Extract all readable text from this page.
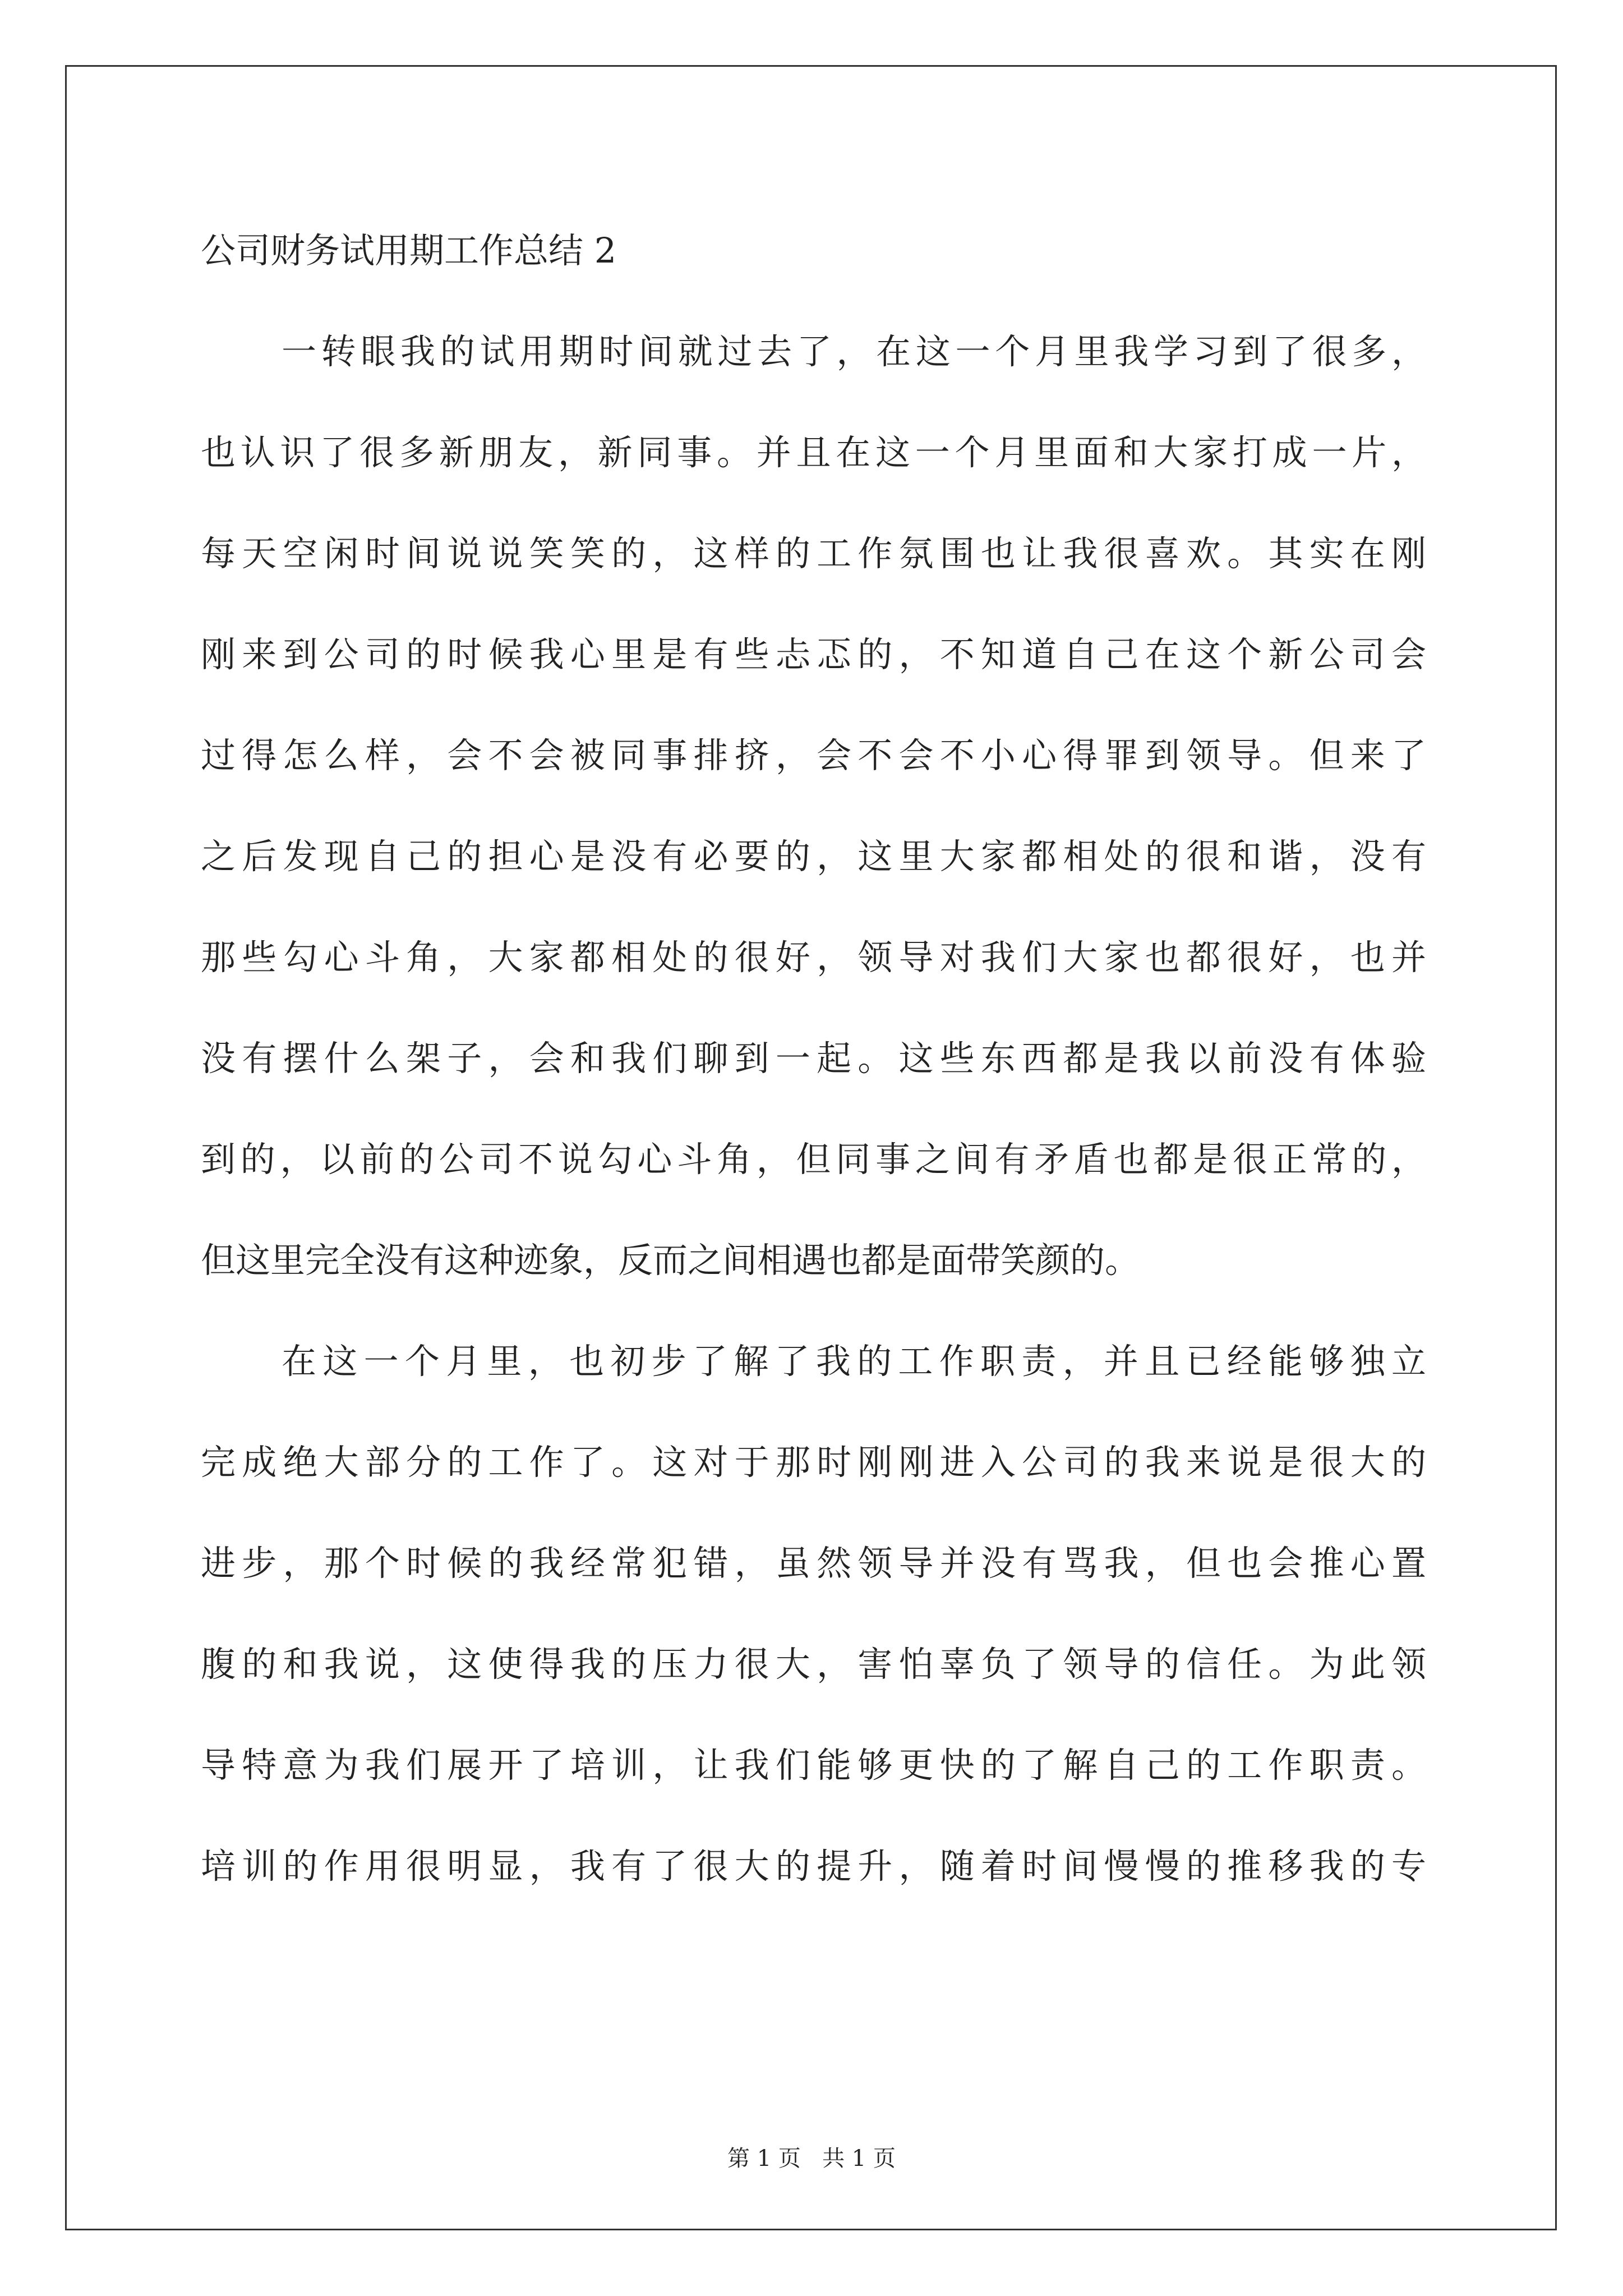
公司财务试用期工作总结 2
一转眼我的试用期时间就过去了，在这一个月里我学习到了很多，
也认识了很多新朋友，新同事。并且在这一个月里面和大家打成一片，
每天空闲时间说说笑笑的，这样的工作氛围也让我很喜欢。其实在刚
刚来到公司的时候我心里是有些忐忑的，不知道自己在这个新公司会
过得怎么样，会不会被同事排挤，会不会不小心得罪到领导。但来了
之后发现自己的担心是没有必要的，这里大家都相处的很和谐，没有
那些勾心斗角，大家都相处的很好，领导对我们大家也都很好，也并
没有摆什么架子，会和我们聊到一起。这些东西都是我以前没有体验
到的，以前的公司不说勾心斗角，但同事之间有矛盾也都是很正常的，
但这里完全没有这种迹象，反而之间相遇也都是面带笑颜的。
在这一个月里，也初步了解了我的工作职责，并且已经能够独立
完成绝大部分的工作了。这对于那时刚刚进入公司的我来说是很大的
进步，那个时候的我经常犯错，虽然领导并没有骂我，但也会推心置
腹的和我说，这使得我的压力很大，害怕辜负了领导的信任。为此领
导特意为我们展开了培训，让我们能够更快的了解自己的工作职责。
培训的作用很明显，我有了很大的提升，随着时间慢慢的推移我的专
第 1 页   共 1 页
